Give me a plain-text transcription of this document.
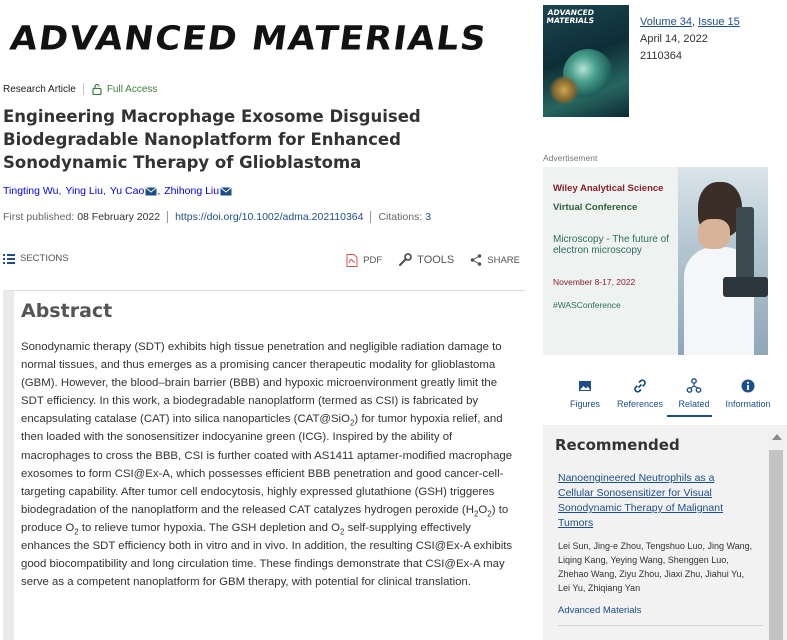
ADVANCED MATERIALS
Research Article	Full Access
Engineering Macrophage Exosome Disguised Biodegradable Nanoplatform for Enhanced Sonodynamic Therapy of Glioblastoma
Tingting Wu , Ying Liu , Yu Cao , Zhihong Liu
First published: 08 February 2022 https://doi.org/10.1002/adma.202110364 Citations: 3
SECTIONS	PDF	TOOLS	SHARE
Abstract

Sonodynamic therapy (SDT) exhibits high tissue penetration and negligible radiation damage to normal tissues, and thus emerges as a promising cancer therapeutic modality for glioblastoma (GBM). However, the blood–brain barrier (BBB) and hypoxic microenvironment greatly limit the SDT efficiency. In this work, a biodegradable nanoplatform (termed as CSI) is fabricated by encapsulating catalase (CAT) into silica nanoparticles (CAT@SiO$_2$) for tumor hypoxia relief, and then loaded with the sonosensitizer indocyanine green (ICG). Inspired by the ability of macrophages to cross the BBB, CSI is further coated with AS1411 aptamer-modified macrophage exosomes to form CSI@Ex-A, which possesses efficient BBB penetration and good cancer-cell-targeting capability. After tumor cell endocytosis, highly expressed glutathione (GSH) triggeres biodegradation of the nanoplatform and the released CAT catalyzes hydrogen peroxide $(H_2O_2)$ to produce $O_2$ to relieve tumor hypoxia. The GSH depletion and $O_2$ self-supplying effectively enhances the SDT efficiency both in vitro and in vivo. In addition, the resulting CSI@Ex-A exhibits good biocompatibility and long circulation time. These findings demonstrate that CSI@Ex-A may serve as a competent nanoplatform for GBM therapy, with potential for clinical translation.

ADVANCED
MATERIALS	Volume 34, Issue 15
April 14, 2022
2110364
Advertisement
Wiley Analytical Science
Virtual Conference
Microscopy - The future of electron microscopy
November 8-17, 2022
#WASConference
Figures	References	Related	Information
Recommended
Nanoengineered Neutrophils as a Cellular Sonosensitizer for Visual Sonodynamic Therapy of Malignant Tumors
Lei Sun, Jing-e Zhou, Tengshuo Luo, Jing Wang, Liqing Kang, Yeying Wang, Shenggen Luo, Zhehao Wang, Ziyu Zhou, Jiaxi Zhu, Jiahui Yu, Lei Yu, Zhiqiang Yan
Advanced Materials
